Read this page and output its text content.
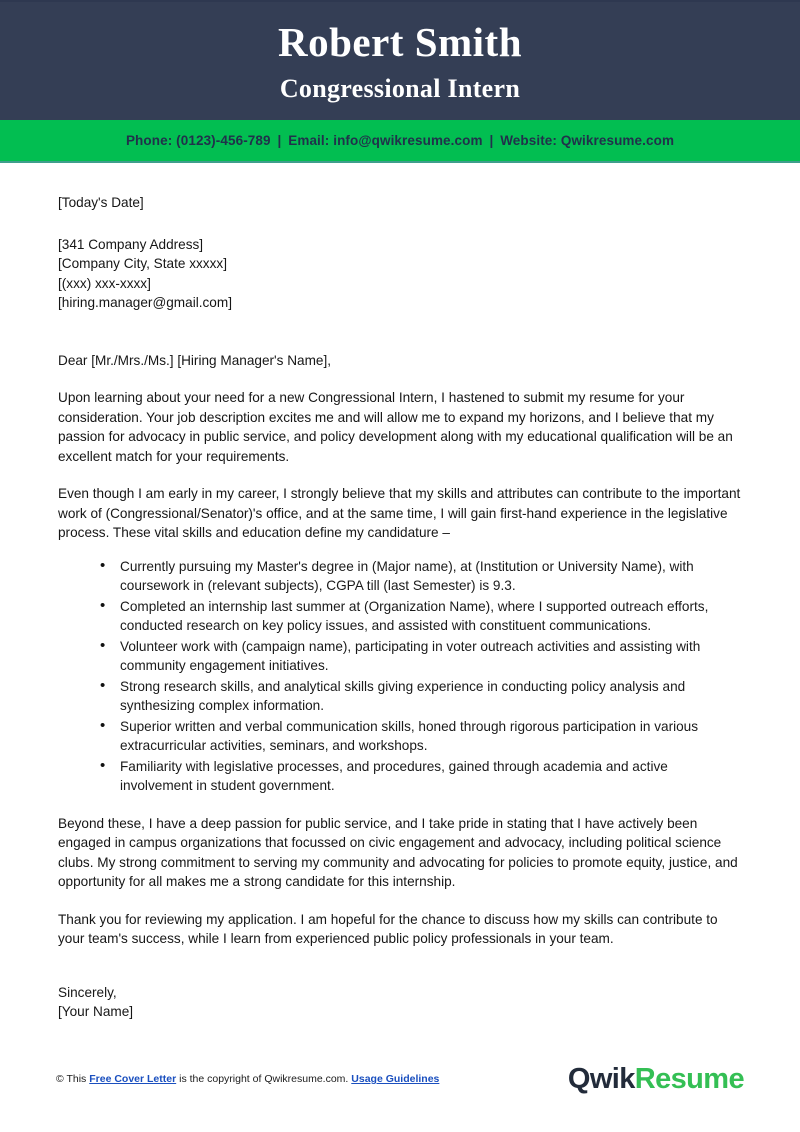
Robert Smith
Congressional Intern
Phone: (0123)-456-789 | Email: info@qwikresume.com | Website: Qwikresume.com
[Today's Date]
[341 Company Address]
[Company City, State xxxxx]
[(xxx) xxx-xxxx]
[hiring.manager@gmail.com]
Dear [Mr./Mrs./Ms.] [Hiring Manager's Name],
Upon learning about your need for a new Congressional Intern, I hastened to submit my resume for your consideration. Your job description excites me and will allow me to expand my horizons, and I believe that my passion for advocacy in public service, and policy development along with my educational qualification will be an excellent match for your requirements.
Even though I am early in my career, I strongly believe that my skills and attributes can contribute to the important work of (Congressional/Senator)'s office, and at the same time, I will gain first-hand experience in the legislative process. These vital skills and education define my candidature –
• Currently pursuing my Master's degree in (Major name), at (Institution or University Name), with coursework in (relevant subjects), CGPA till (last Semester) is 9.3.
• Completed an internship last summer at (Organization Name), where I supported outreach efforts, conducted research on key policy issues, and assisted with constituent communications.
• Volunteer work with (campaign name), participating in voter outreach activities and assisting with community engagement initiatives.
• Strong research skills, and analytical skills giving experience in conducting policy analysis and synthesizing complex information.
• Superior written and verbal communication skills, honed through rigorous participation in various extracurricular activities, seminars, and workshops.
• Familiarity with legislative processes, and procedures, gained through academia and active involvement in student government.
Beyond these, I have a deep passion for public service, and I take pride in stating that I have actively been engaged in campus organizations that focussed on civic engagement and advocacy, including political science clubs. My strong commitment to serving my community and advocating for policies to promote equity, justice, and opportunity for all makes me a strong candidate for this internship.
Thank you for reviewing my application. I am hopeful for the chance to discuss how my skills can contribute to your team's success, while I learn from experienced public policy professionals in your team.
Sincerely,
[Your Name]
© This Free Cover Letter is the copyright of Qwikresume.com. Usage Guidelines	QwikResume
